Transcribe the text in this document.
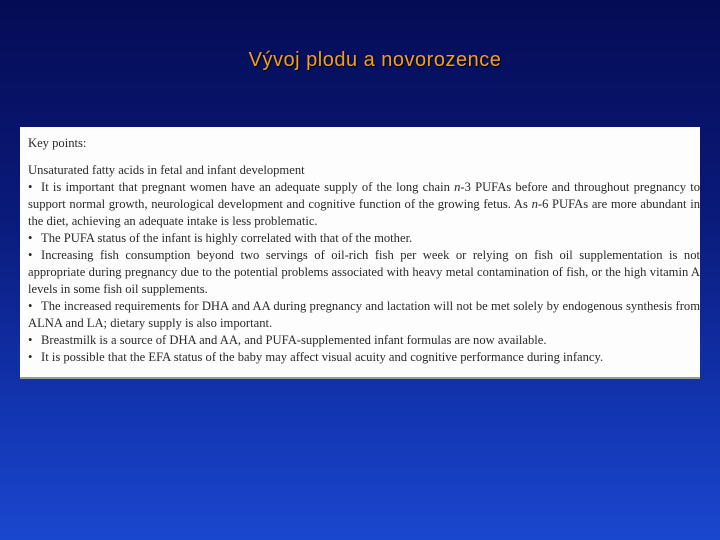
Vývoj plodu a novorozence
Key points:
Unsaturated fatty acids in fetal and infant development
• It is important that pregnant women have an adequate supply of the long chain n-3 PUFAs before and throughout pregnancy to support normal growth, neurological development and cognitive function of the growing fetus. As n-6 PUFAs are more abundant in the diet, achieving an adequate intake is less problematic.
• The PUFA status of the infant is highly correlated with that of the mother.
• Increasing fish consumption beyond two servings of oil-rich fish per week or relying on fish oil supplementation is not appropriate during pregnancy due to the potential problems associated with heavy metal contamination of fish, or the high vitamin A levels in some fish oil supplements.
• The increased requirements for DHA and AA during pregnancy and lactation will not be met solely by endogenous synthesis from ALNA and LA; dietary supply is also important.
• Breastmilk is a source of DHA and AA, and PUFA-supplemented infant formulas are now available.
• It is possible that the EFA status of the baby may affect visual acuity and cognitive performance during infancy.
